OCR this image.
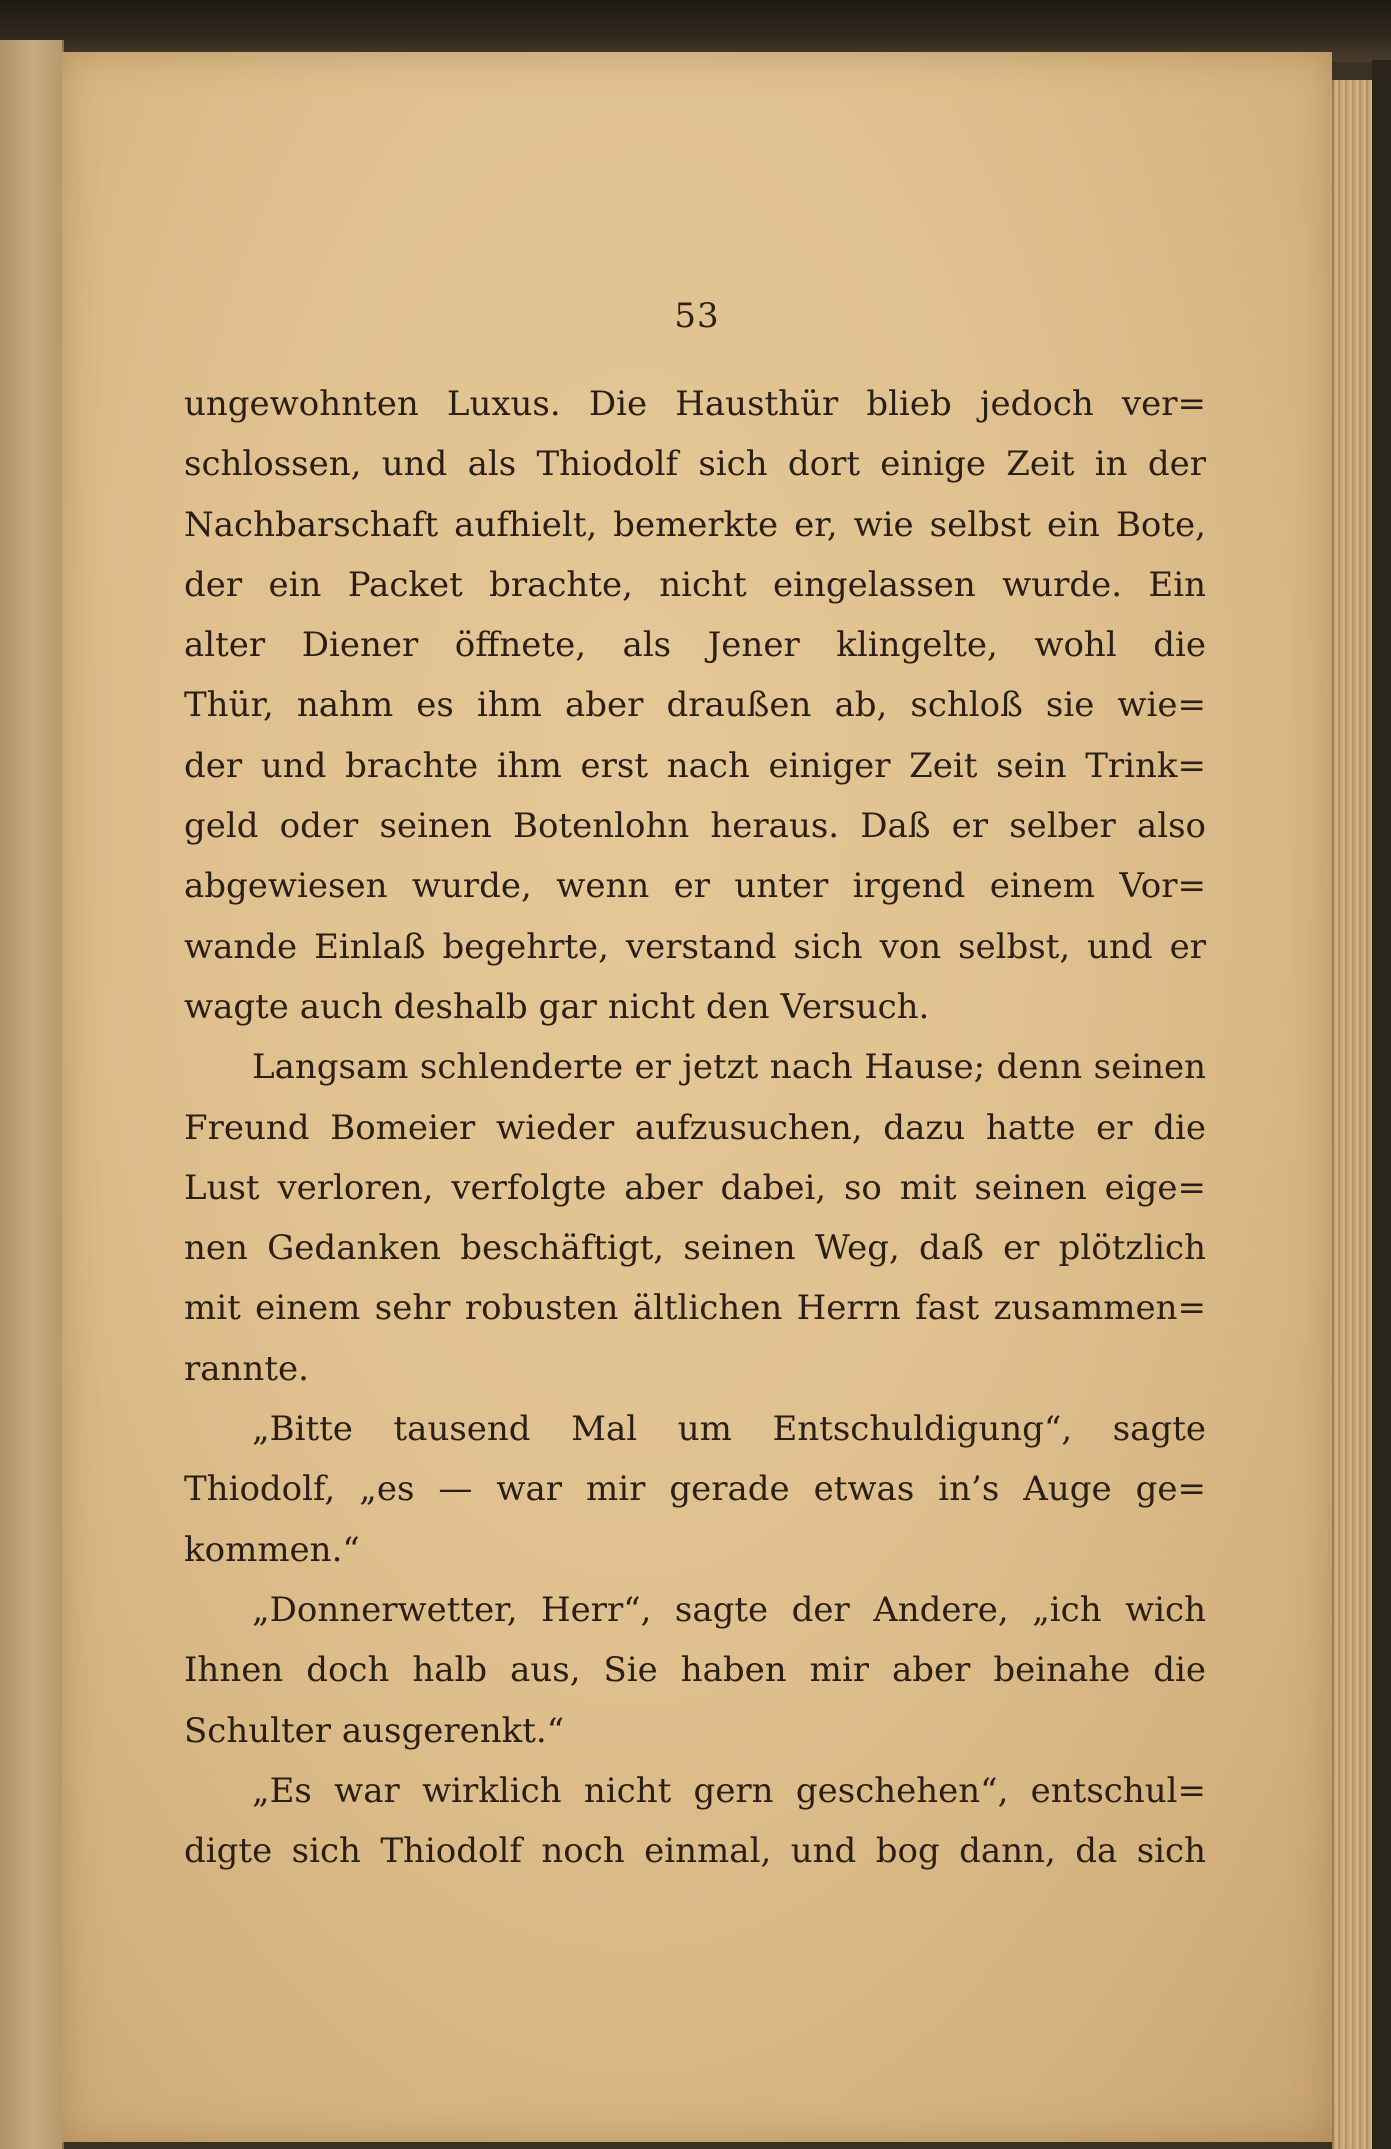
53
ungewohnten Luxus. Die Hausthür blieb jedoch ver=
schlossen, und als Thiodolf sich dort einige Zeit in der
Nachbarschaft aufhielt, bemerkte er, wie selbst ein Bote,
der ein Packet brachte, nicht eingelassen wurde. Ein
alter Diener öffnete, als Jener klingelte, wohl die
Thür, nahm es ihm aber draußen ab, schloß sie wie=
der und brachte ihm erst nach einiger Zeit sein Trink=
geld oder seinen Botenlohn heraus. Daß er selber also
abgewiesen wurde, wenn er unter irgend einem Vor=
wande Einlaß begehrte, verstand sich von selbst, und er
wagte auch deshalb gar nicht den Versuch.
Langsam schlenderte er jetzt nach Hause; denn seinen
Freund Bomeier wieder aufzusuchen, dazu hatte er die
Lust verloren, verfolgte aber dabei, so mit seinen eige=
nen Gedanken beschäftigt, seinen Weg, daß er plötzlich
mit einem sehr robusten ältlichen Herrn fast zusammen=
rannte.
„Bitte tausend Mal um Entschuldigung“, sagte
Thiodolf, „es — war mir gerade etwas in’s Auge ge=
kommen.“
„Donnerwetter, Herr“, sagte der Andere, „ich wich
Ihnen doch halb aus, Sie haben mir aber beinahe die
Schulter ausgerenkt.“
„Es war wirklich nicht gern geschehen“, entschul=
digte sich Thiodolf noch einmal, und bog dann, da sich
